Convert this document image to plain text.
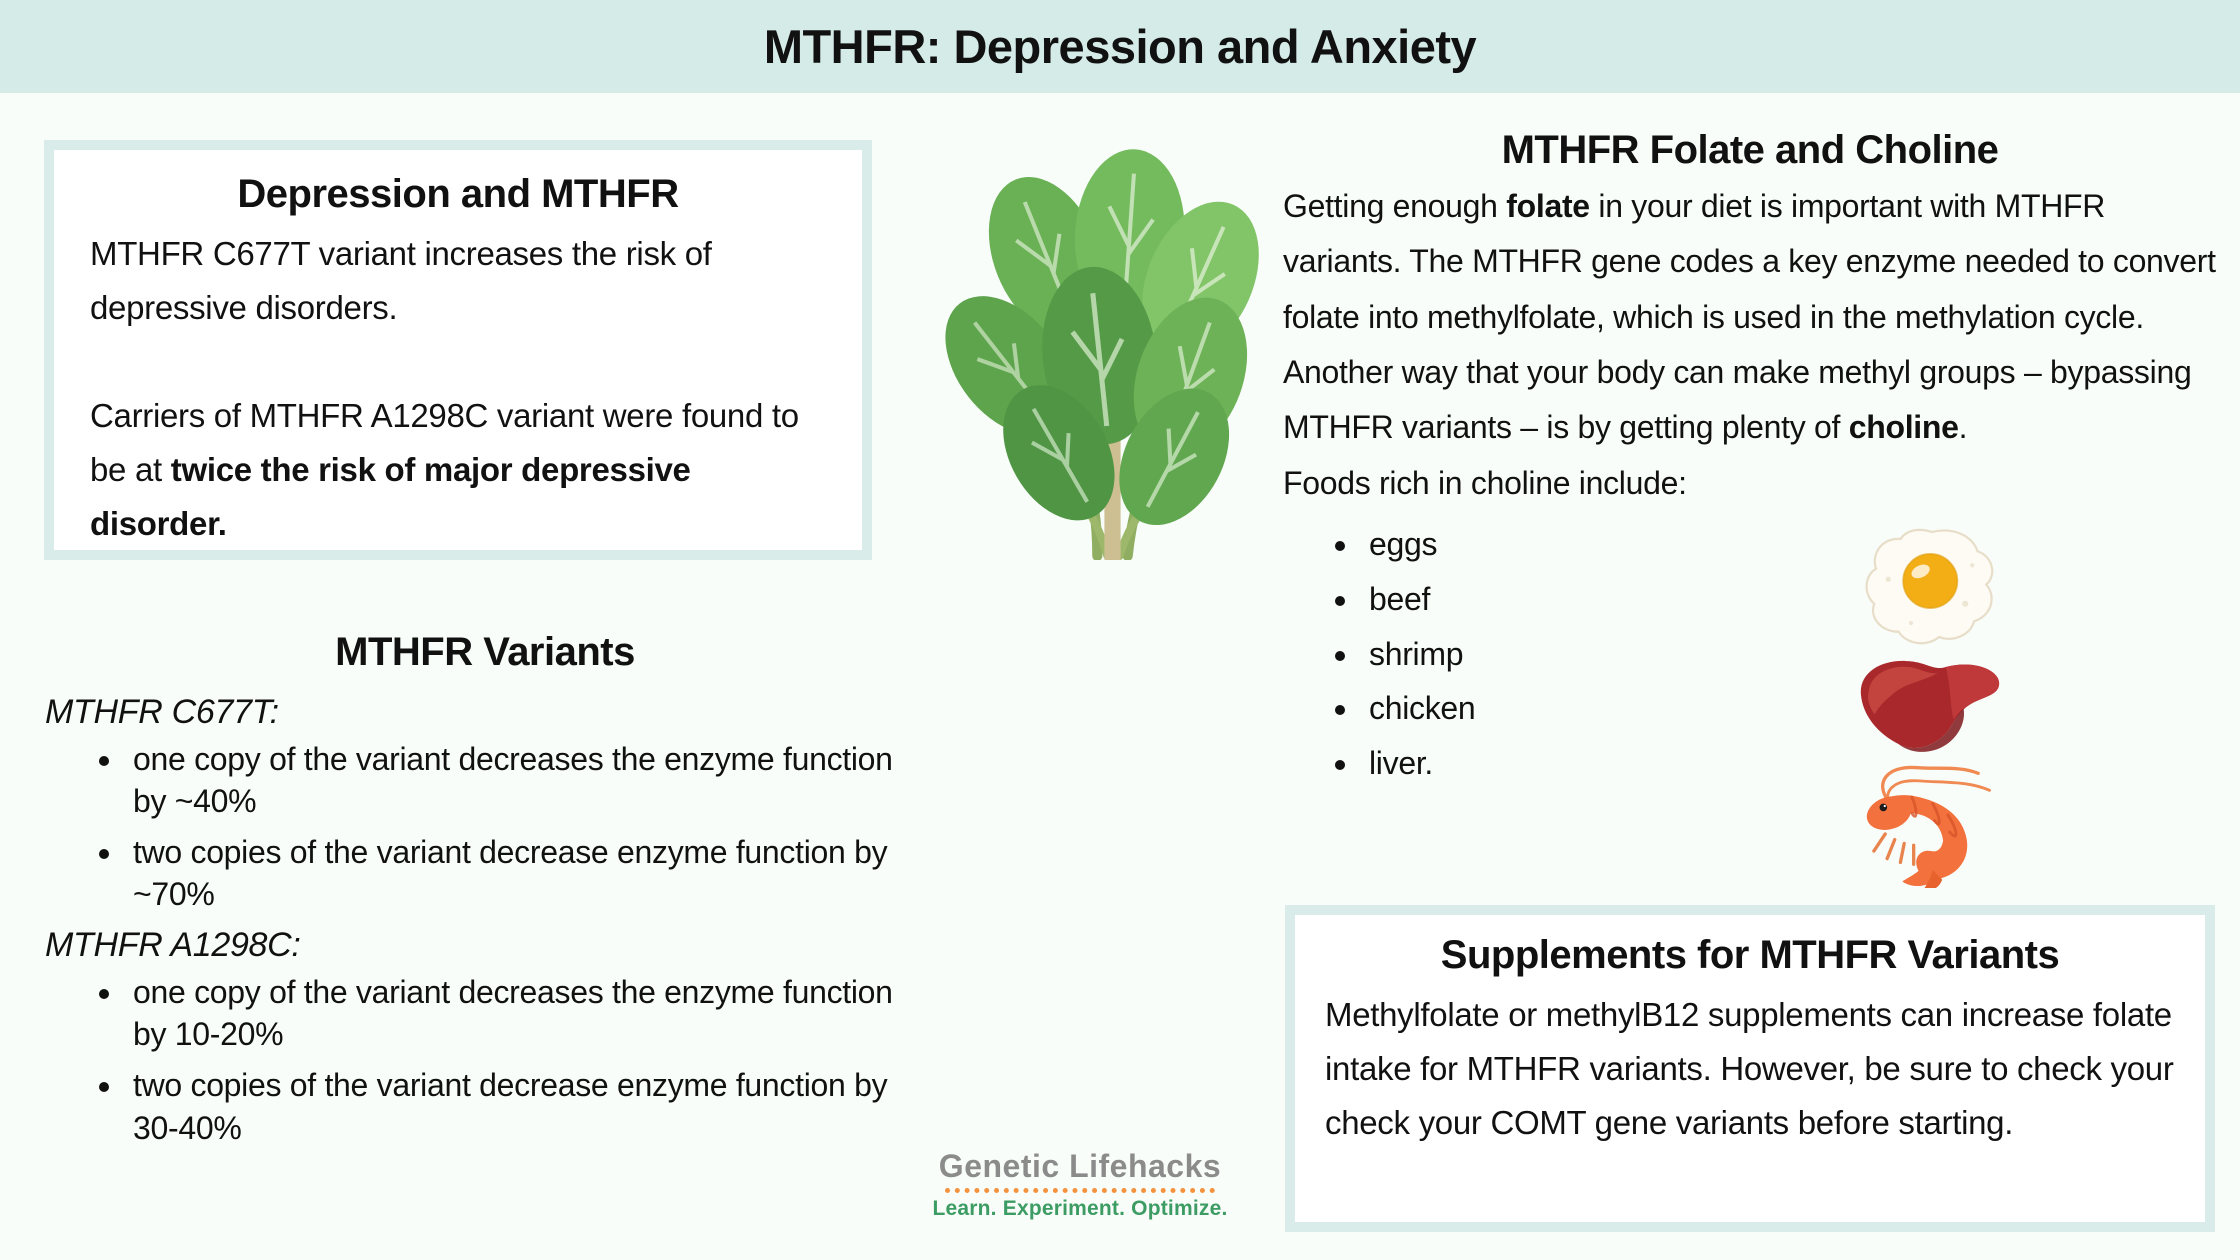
MTHFR: Depression and Anxiety
Depression and MTHFR

MTHFR C677T variant increases the risk of depressive disorders.

Carriers of MTHFR A1298C variant were found to be at twice the risk of major depressive disorder.

MTHFR Variants
MTHFR C677T:
• one copy of the variant decreases the enzyme function by ~40%
• two copies of the variant decrease enzyme function by ~70%
MTHFR A1298C:
• one copy of the variant decreases the enzyme function by 10-20%
• two copies of the variant decrease enzyme function by 30-40%
MTHFR Folate and Choline

Getting enough folate in your diet is important with MTHFR variants. The MTHFR gene codes a key enzyme needed to convert folate into methylfolate, which is used in the methylation cycle.

Another way that your body can make methyl groups – bypassing MTHFR variants – is by getting plenty of choline.

Foods rich in choline include:

• eggs
• beef
• shrimp
• chicken
• liver.
Supplements for MTHFR Variants

Methylfolate or methylB12 supplements can increase folate intake for MTHFR variants. However, be sure to check your check your COMT gene variants before starting.

Genetic Lifehacks

Learn. Experiment. Optimize.
